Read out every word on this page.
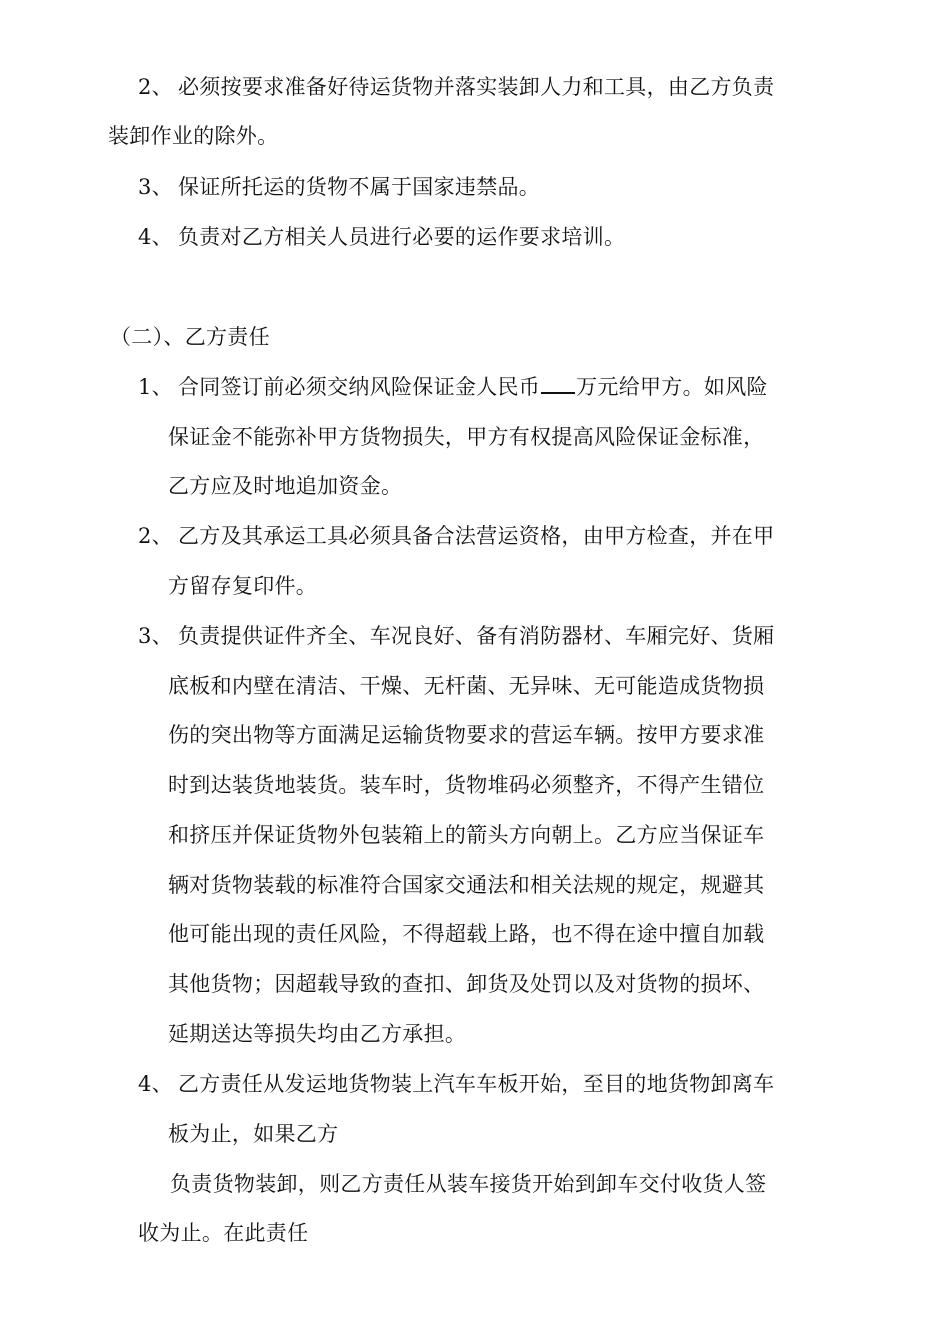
2、 必须按要求准备好待运货物并落实装卸人力和工具，由乙方负责
装卸作业的除外。
3、 保证所托运的货物不属于国家违禁品。
4、 负责对乙方相关人员进行必要的运作要求培训。
（二）、乙方责任
1、 合同签订前必须交纳风险保证金人民币 万元给甲方。如风险
保证金不能弥补甲方货物损失，甲方有权提高风险保证金标准，
乙方应及时地追加资金。
2、 乙方及其承运工具必须具备合法营运资格，由甲方检查，并在甲
方留存复印件。
3、 负责提供证件齐全、车况良好、备有消防器材、车厢完好、货厢
底板和内壁在清洁、干燥、无杆菌、无异味、无可能造成货物损
伤的突出物等方面满足运输货物要求的营运车辆。按甲方要求准
时到达装货地装货。装车时，货物堆码必须整齐，不得产生错位
和挤压并保证货物外包装箱上的箭头方向朝上。乙方应当保证车
辆对货物装载的标准符合国家交通法和相关法规的规定，规避其
他可能出现的责任风险，不得超载上路，也不得在途中擅自加载
其他货物；因超载导致的查扣、卸货及处罚以及对货物的损坏、
延期送达等损失均由乙方承担。
4、 乙方责任从发运地货物装上汽车车板开始，至目的地货物卸离车
板为止，如果乙方
负责货物装卸，则乙方责任从装车接货开始到卸车交付收货人签
收为止。在此责任
